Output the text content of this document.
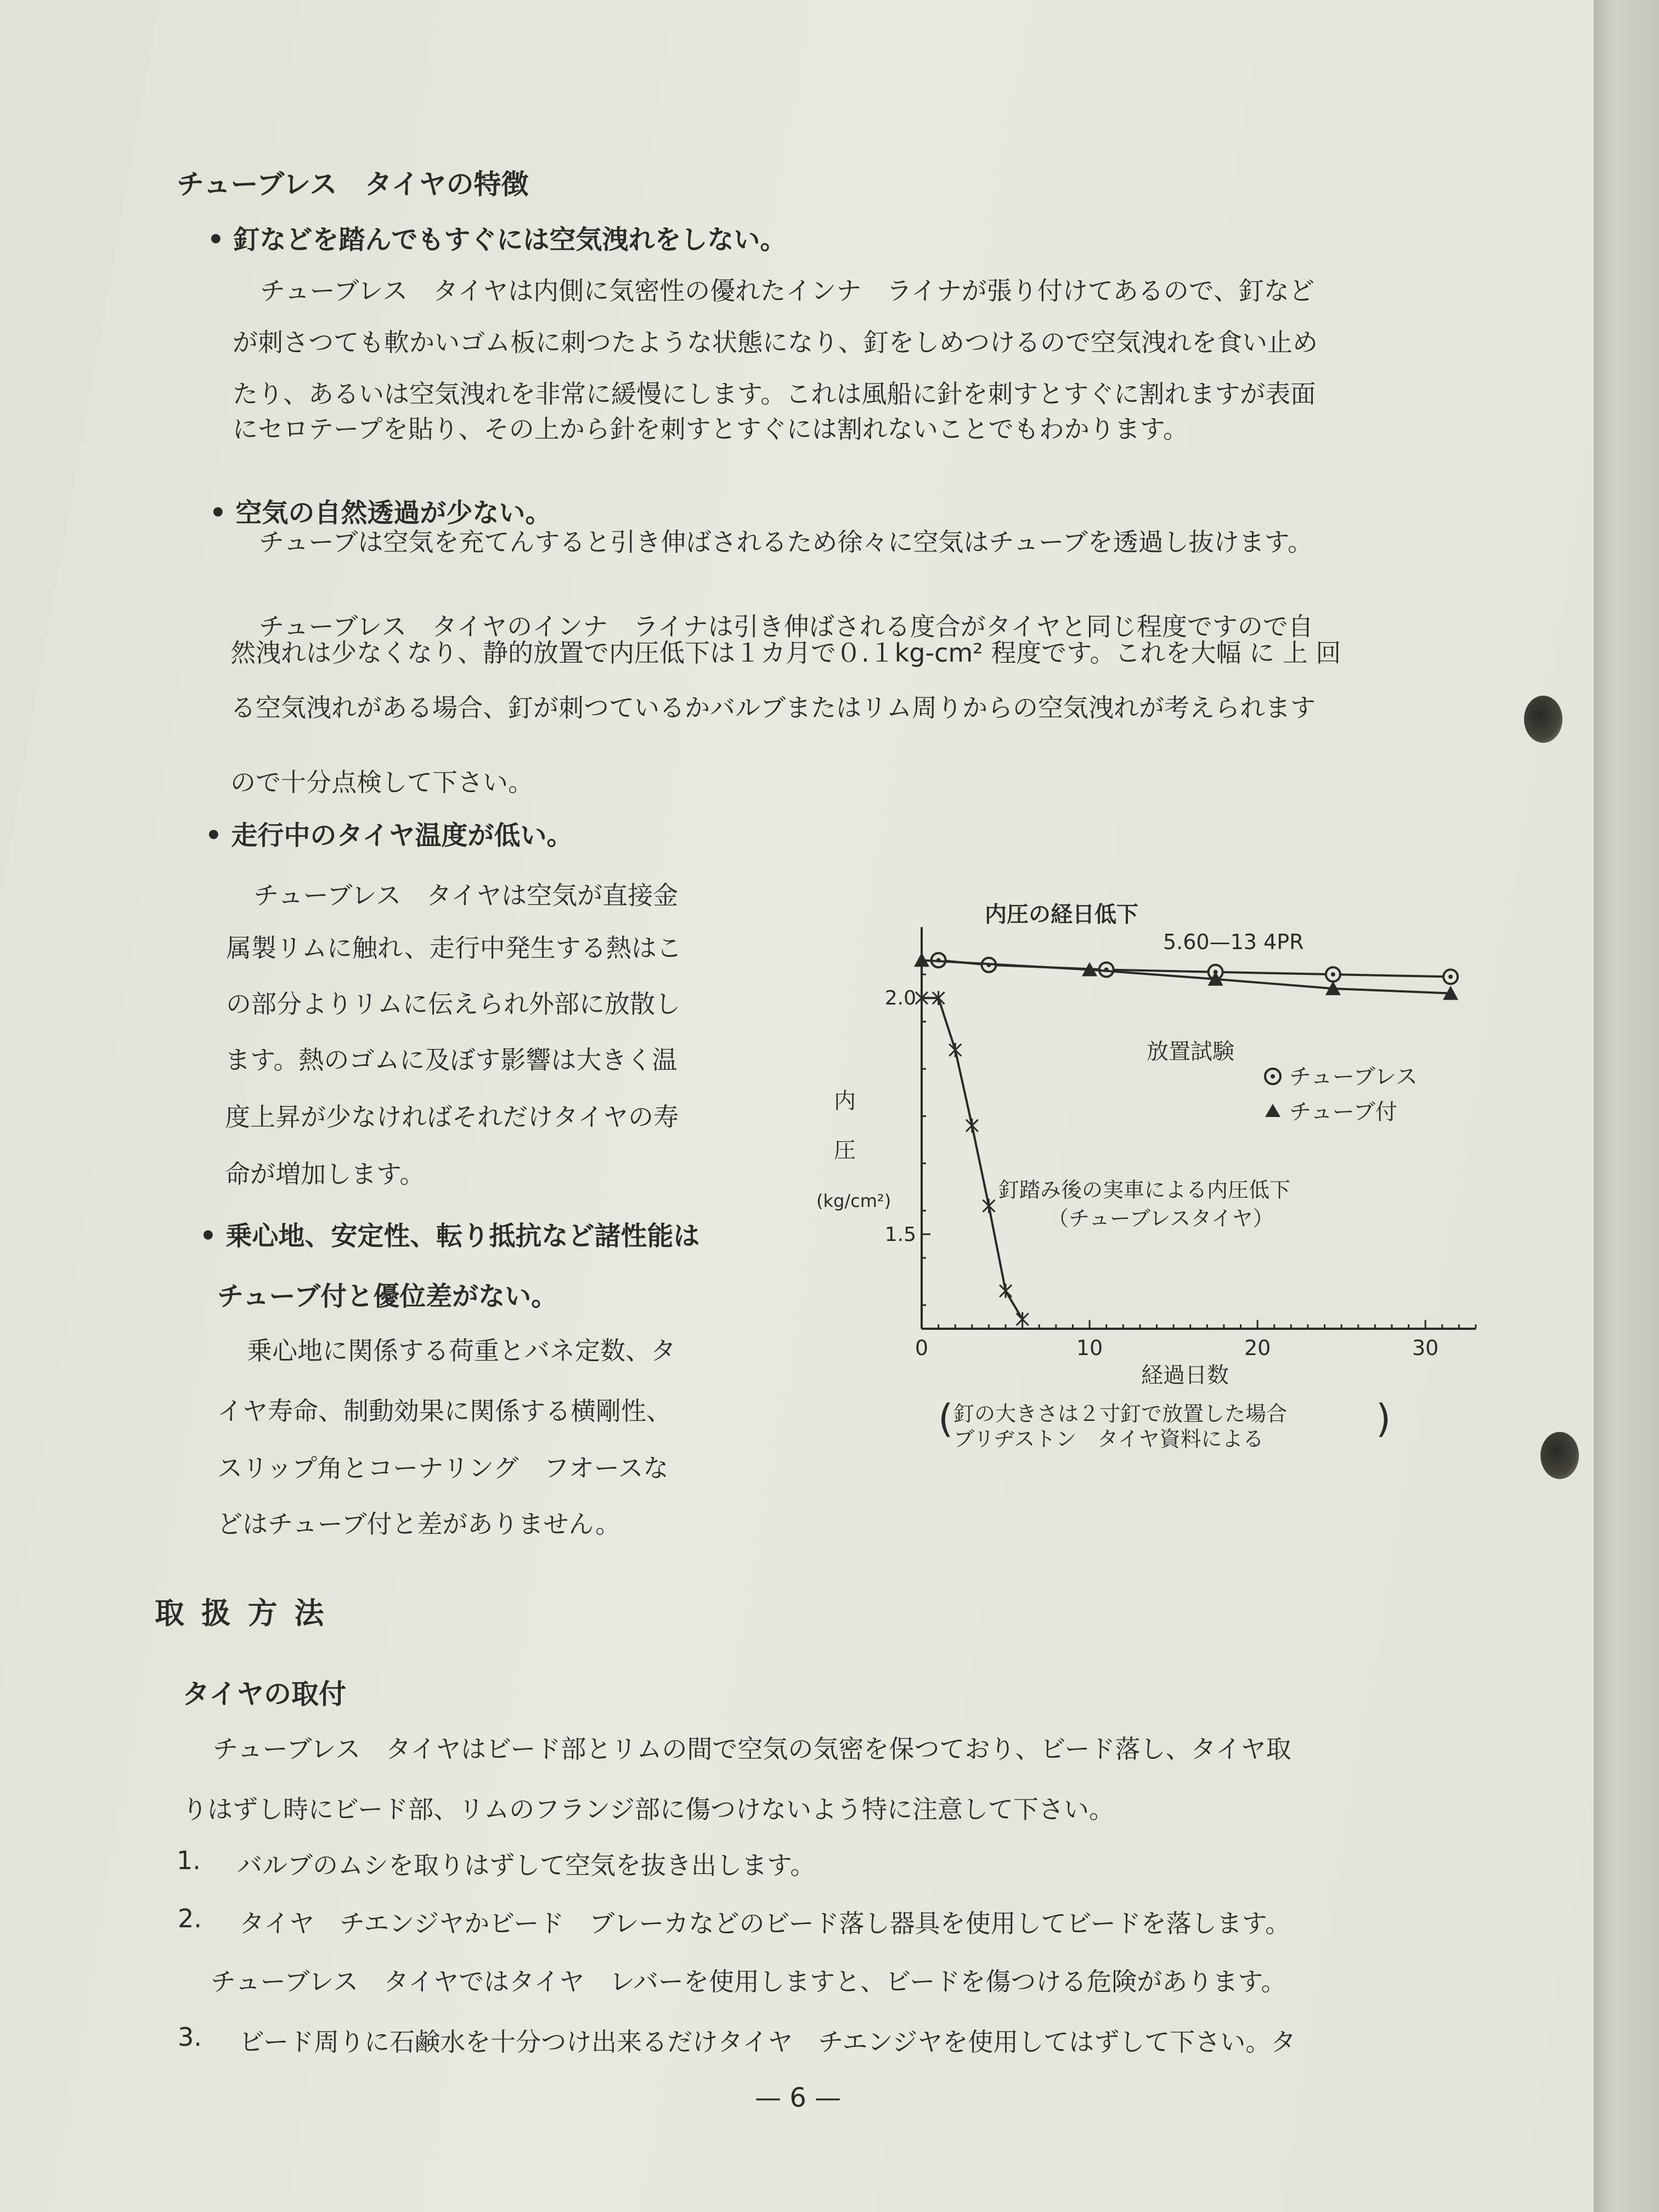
チューブレス　タイヤの特徴
• 釘などを踏んでもすぐには空気洩れをしない。
チューブレス　タイヤは内側に気密性の優れたインナ　ライナが張り付けてあるので、釘など
が刺さつても軟かいゴム板に刺つたような状態になり、釘をしめつけるので空気洩れを食い止め
たり、あるいは空気洩れを非常に緩慢にします。これは風船に針を刺すとすぐに割れますが表面
にセロテープを貼り、その上から針を刺すとすぐには割れないことでもわかります。
• 空気の自然透過が少ない。
チューブは空気を充てんすると引き伸ばされるため徐々に空気はチューブを透過し抜けます。
チューブレス　タイヤのインナ　ライナは引き伸ばされる度合がタイヤと同じ程度ですので自
然洩れは少なくなり、静的放置で内圧低下は１カ月で０.１kg-cm² 程度です。これを大幅 に 上 回
る空気洩れがある場合、釘が刺つているかバルブまたはリム周りからの空気洩れが考えられます
ので十分点検して下さい。
• 走行中のタイヤ温度が低い。
チューブレス　タイヤは空気が直接金
属製リムに触れ、走行中発生する熱はこ
の部分よりリムに伝えられ外部に放散し
ます。熱のゴムに及ぼす影響は大きく温
度上昇が少なければそれだけタイヤの寿
命が増加します。
• 乗心地、安定性、転り抵抗など諸性能は
チューブ付と優位差がない。
乗心地に関係する荷重とバネ定数、タ
イヤ寿命、制動効果に関係する横剛性、
スリップ角とコーナリング　フオースな
どはチューブ付と差がありません。
内圧の経日低下
5.60—13 4PR
内
圧
(kg/cm²)
放置試験
チューブレス
チューブ付
釘踏み後の実車による内圧低下
（チューブレスタイヤ）
経過日数
( 釘の大きさは２寸釘で放置した場合
ブリヂストン　タイヤ資料による	)
0	10	20	30
1.5
2.0
取 扱 方 法
タイヤの取付
チューブレス　タイヤはビード部とリムの間で空気の気密を保つており、ビード落し、タイヤ取
りはずし時にビード部、リムのフランジ部に傷つけないよう特に注意して下さい。
1. バルブのムシを取りはずして空気を抜き出します。
2. タイヤ　チエンジヤかビード　ブレーカなどのビード落し器具を使用してビードを落します。
チューブレス　タイヤではタイヤ　レバーを使用しますと、ビードを傷つける危険があります。
3. ビード周りに石鹸水を十分つけ出来るだけタイヤ　チエンジヤを使用してはずして下さい。タ
— 6 —
